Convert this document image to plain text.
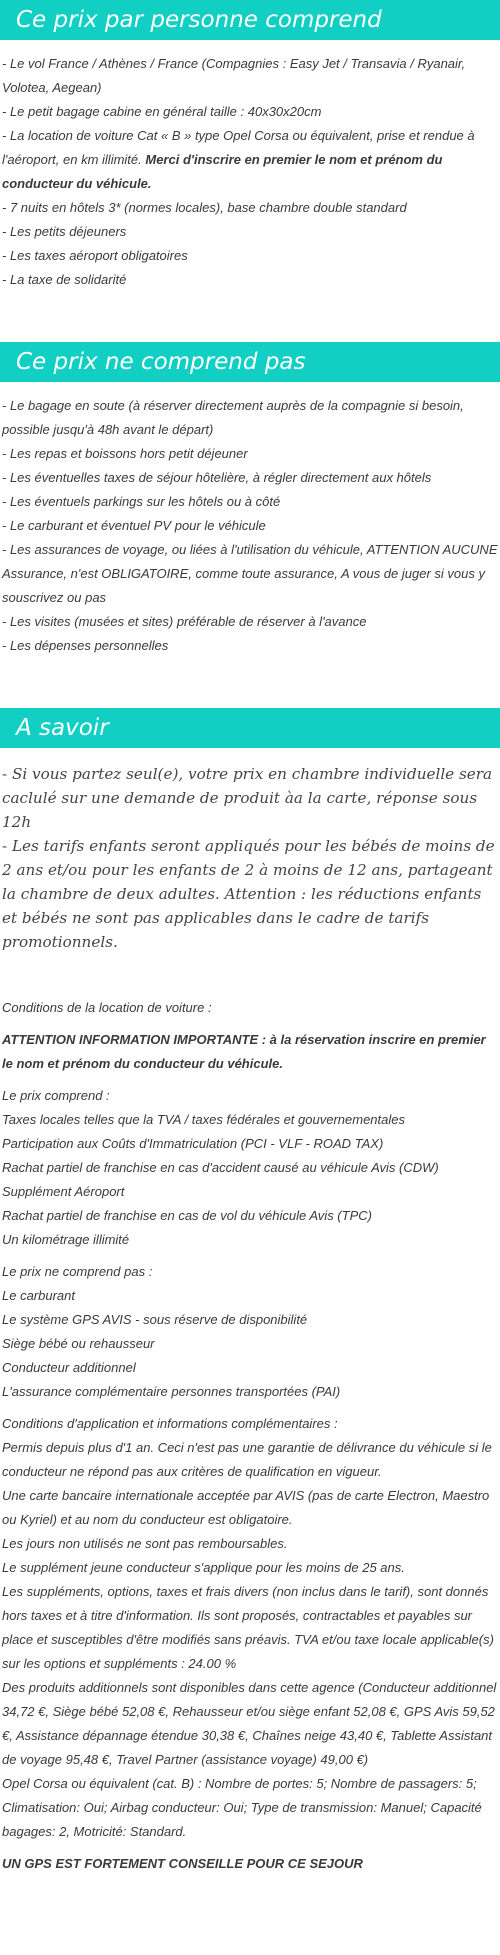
Ce prix par personne comprend
- Le vol France / Athènes / France (Compagnies : Easy Jet / Transavia / Ryanair, Volotea, Aegean)
- Le petit bagage cabine en général taille : 40x30x20cm
- La location de voiture Cat « B » type Opel Corsa ou équivalent, prise et rendue à l'aéroport, en km illimité. Merci d'inscrire en premier le nom et prénom du conducteur du véhicule.
- 7 nuits en hôtels 3* (normes locales), base chambre double standard
- Les petits déjeuners
- Les taxes aéroport obligatoires
- La taxe de solidarité
Ce prix ne comprend pas
- Le bagage en soute (à réserver directement auprès de la compagnie si besoin, possible jusqu'à 48h avant le départ)
- Les repas et boissons hors petit déjeuner
- Les éventuelles taxes de séjour hôtelière, à régler directement aux hôtels
- Les éventuels parkings sur les hôtels ou à côté
- Le carburant et éventuel PV pour le véhicule
- Les assurances de voyage, ou liées à l'utilisation du véhicule, ATTENTION AUCUNE Assurance, n'est OBLIGATOIRE, comme toute assurance, A vous de juger si vous y souscrivez ou pas
- Les visites (musées et sites) préférable de réserver à l'avance
- Les dépenses personnelles
A savoir

- Si vous partez seul(e), votre prix en chambre individuelle sera caclulé sur une demande de produit àa la carte, réponse sous 12h

- Les tarifs enfants seront appliqués pour les bébés de moins de 2 ans et/ou pour les enfants de 2 à moins de 12 ans, partageant la chambre de deux adultes. Attention : les réductions enfants et bébés ne sont pas applicables dans le cadre de tarifs promotionnels.

Conditions de la location de voiture :

ATTENTION INFORMATION IMPORTANTE : à la réservation inscrire en premier le nom et prénom du conducteur du véhicule.

Le prix comprend :

Taxes locales telles que la TVA / taxes fédérales et gouvernementales

Participation aux Coûts d'Immatriculation (PCI - VLF - ROAD TAX)

Rachat partiel de franchise en cas d'accident causé au véhicule Avis (CDW)

Supplément Aéroport

Rachat partiel de franchise en cas de vol du véhicule Avis (TPC)

Un kilométrage illimité

Le prix ne comprend pas :

Le carburant

Le système GPS AVIS - sous réserve de disponibilité

Siège bébé ou rehausseur

Conducteur additionnel

L'assurance complémentaire personnes transportées (PAI)

Conditions d'application et informations complémentaires :

Permis depuis plus d'1 an. Ceci n'est pas une garantie de délivrance du véhicule si le conducteur ne répond pas aux critères de qualification en vigueur.

Une carte bancaire internationale acceptée par AVIS (pas de carte Electron, Maestro ou Kyriel) et au nom du conducteur est obligatoire.

Les jours non utilisés ne sont pas remboursables.

Le supplément jeune conducteur s'applique pour les moins de 25 ans.

Les suppléments, options, taxes et frais divers (non inclus dans le tarif), sont donnés hors taxes et à titre d'information. Ils sont proposés, contractables et payables sur place et susceptibles d'être modifiés sans préavis. TVA et/ou taxe locale applicable(s) sur les options et suppléments : 24.00 %

Des produits additionnels sont disponibles dans cette agence (Conducteur additionnel 34,72 €, Siège bébé 52,08 €, Rehausseur et/ou siège enfant 52,08 €, GPS Avis 59,52 €, Assistance dépannage étendue 30,38 €, Chaînes neige 43,40 €, Tablette Assistant de voyage 95,48 €, Travel Partner (assistance voyage) 49,00 €)

Opel Corsa ou équivalent (cat. B) : Nombre de portes: 5; Nombre de passagers: 5; Climatisation: Oui; Airbag conducteur: Oui; Type de transmission: Manuel; Capacité bagages: 2, Motricité: Standard.

UN GPS EST FORTEMENT CONSEILLE POUR CE SEJOUR
